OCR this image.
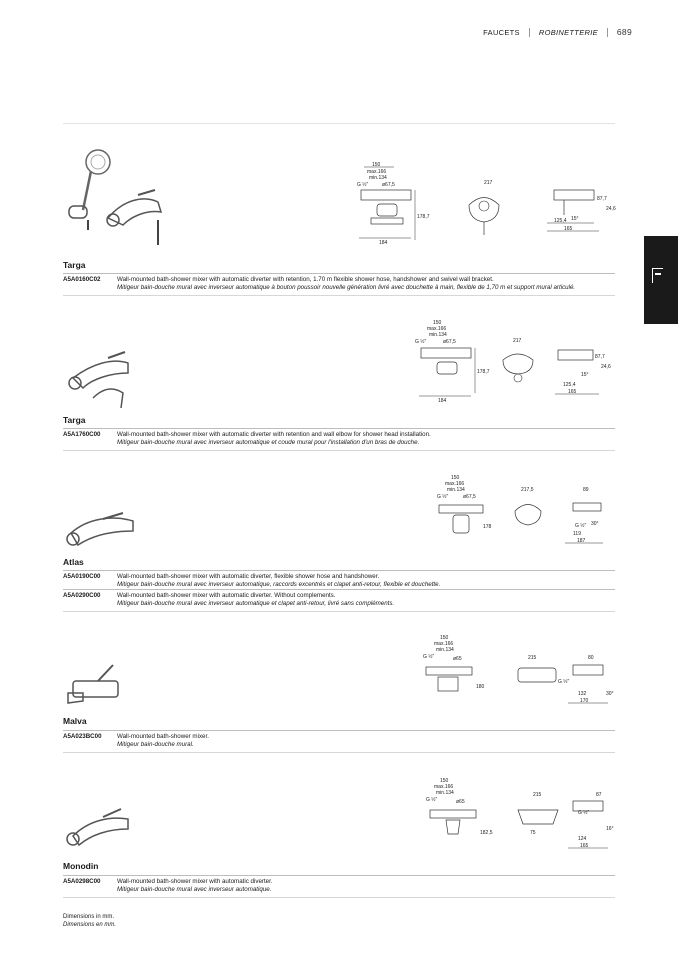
FAUCETS	ROBINETTERIE 689
150
max.166
min.134
G ½"	ø67,5
178,7
184
217
87,7
24,6
15°
125,4
165
Targa
A5A0160C02	Wall-mounted bath-shower mixer with automatic diverter with retention, 1.70 m flexible shower hose, handshower and swivel wall bracket.
Mitigeur bain-douche mural avec inverseur automatique à bouton poussoir nouvelle génération livré avec douchette à main, flexible de 1,70 m et support mural articulé.
150
max.166
min.134
G ½"	ø67,5
178,7
184
217
87,7
24,6
15°
125,4
165
Targa
A5A1760C00	Wall-mounted bath-shower mixer with automatic diverter with retention and wall elbow for shower head installation.
Mitigeur bain-douche mural avec inverseur automatique et coude mural pour l'installation d'un bras de douche.
150
max.166
min.134
G ½"	ø67,5
178
217,5	89
30°
G ½"
119
187
Atlas
A5A0190C00	Wall-mounted bath-shower mixer with automatic diverter, flexible shower hose and handshower.
Mitigeur bain-douche mural avec inverseur automatique, raccords excentrés et clapet anti-retour, flexible et douchette.
A5A0290C00	Wall-mounted bath-shower mixer with automatic diverter. Without complements.
Mitigeur bain-douche mural avec inverseur automatique et clapet anti-retour, livré sans compléments.
150
max.166
min.134
G ½"	ø65
180
215	80
G ½"
30°
132
170
Malva
A5A023BC00 Wall-mounted bath-shower mixer.
Mitigeur bain-douche mural.
150
max.166
min.134
G ½"	ø65
182,5
G ½"
215
75
87
16°
124
165
Monodin
A5A0298C00	Wall-mounted bath-shower mixer with automatic diverter.
Mitigeur bain-douche mural avec inverseur automatique.
Dimensions in mm.
Dimensions en mm.
